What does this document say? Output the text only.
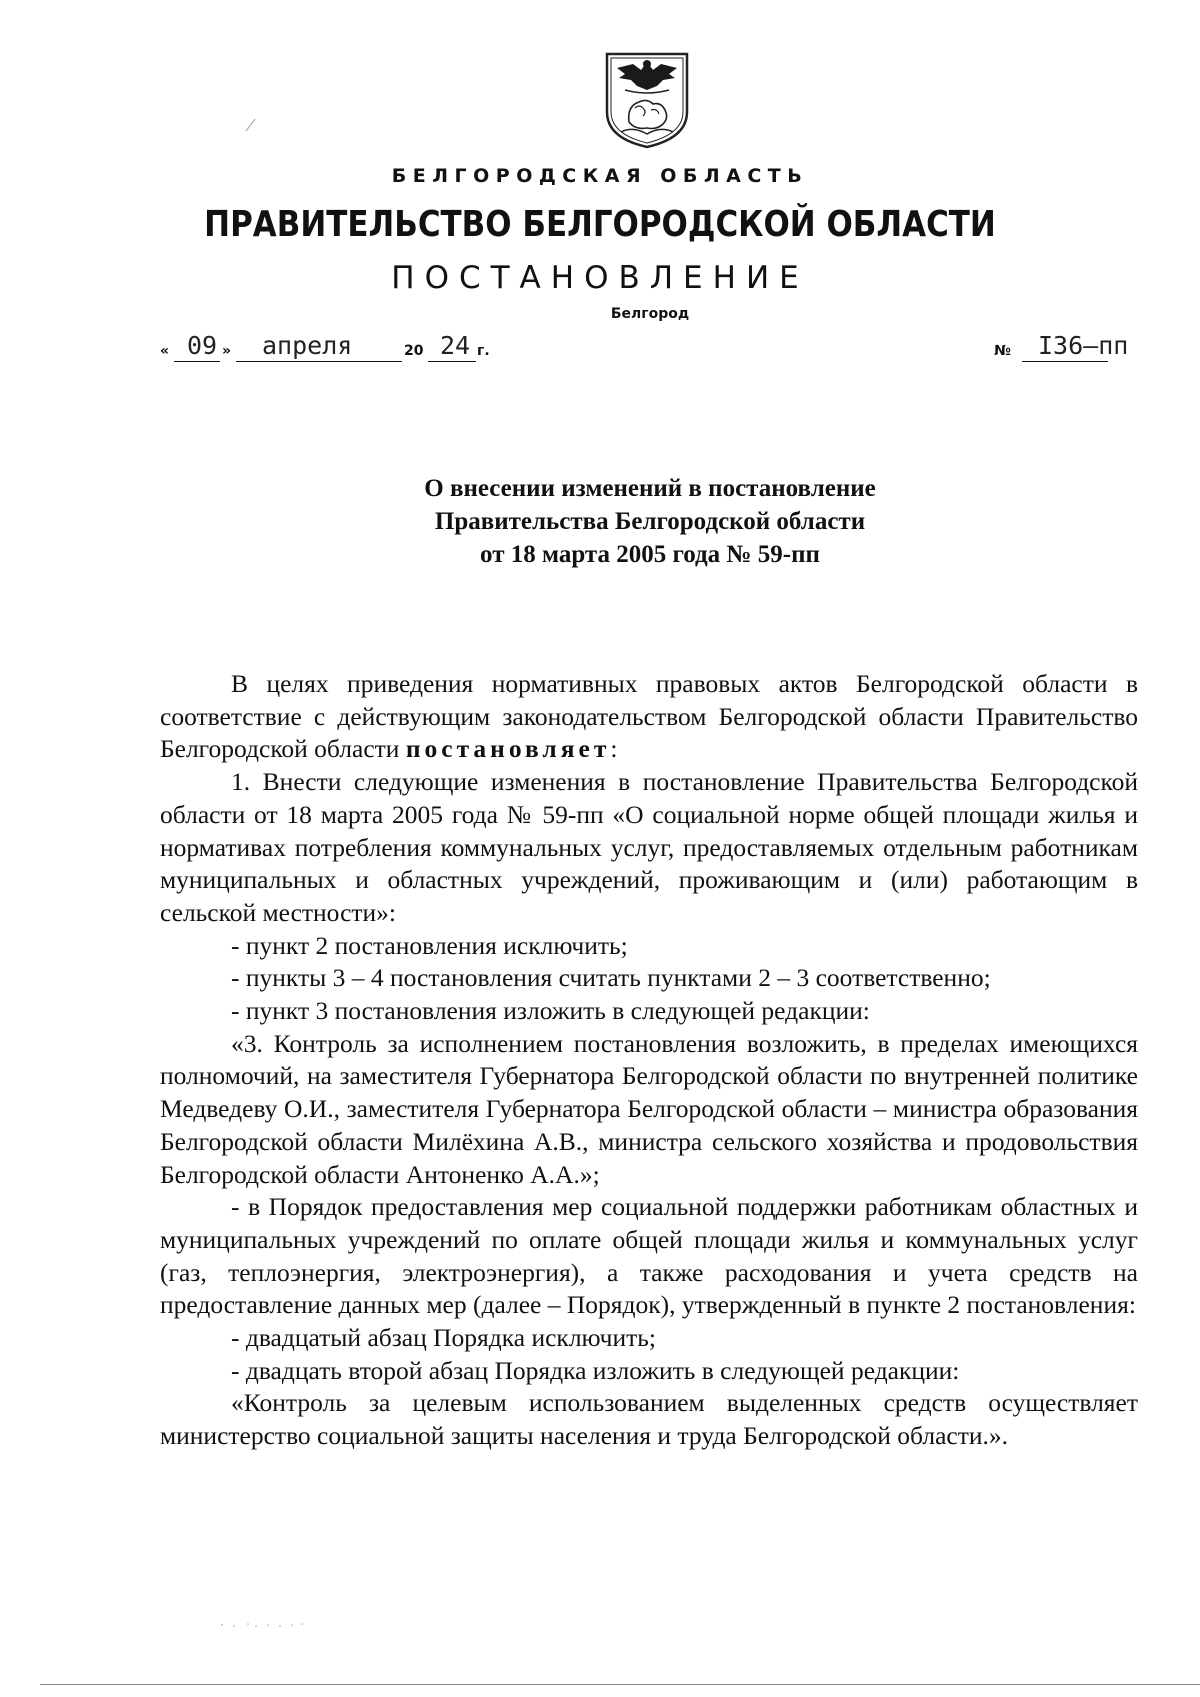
БЕЛГОРОДСКАЯ ОБЛАСТЬ
ПРАВИТЕЛЬСТВО БЕЛГОРОДСКОЙ ОБЛАСТИ
ПОСТАНОВЛЕНИЕ
Белгород
« 09 » апреля	20 24 г.	№ I36–пп
О внесении изменений в постановление
Правительства Белгородской области
от 18 марта 2005 года № 59-пп

В целях приведения нормативных правовых актов Белгородской области в соответствие с действующим законодательством Белгородской области Правительство Белгородской области постановляет:

1. Внести следующие изменения в постановление Правительства Белгородской области от 18 марта 2005 года № 59-пп «О социальной норме общей площади жилья и нормативах потребления коммунальных услуг, предоставляемых отдельным работникам муниципальных и областных учреждений, проживающим и (или) работающим в сельской местности»:

- пункт 2 постановления исключить;

- пункты 3 – 4 постановления считать пунктами 2 – 3 соответственно;

- пункт 3 постановления изложить в следующей редакции:

«3. Контроль за исполнением постановления возложить, в пределах имеющихся полномочий, на заместителя Губернатора Белгородской области по внутренней политике Медведеву О.И., заместителя Губернатора Белгородской области – министра образования Белгородской области Милёхина А.В., министра сельского хозяйства и продовольствия Белгородской области Антоненко А.А.»;

- в Порядок предоставления мер социальной поддержки работникам областных и муниципальных учреждений по оплате общей площади жилья и коммунальных услуг (газ, теплоэнергия, электроэнергия), а также расходования и учета средств на предоставление данных мер (далее – Порядок), утвержденный в пункте 2 постановления:

- двадцатый абзац Порядка исключить;

- двадцать второй абзац Порядка изложить в следующей редакции:

«Контроль за целевым использованием выделенных средств осуществляет министерство социальной защиты населения и труда Белгородской области.».
